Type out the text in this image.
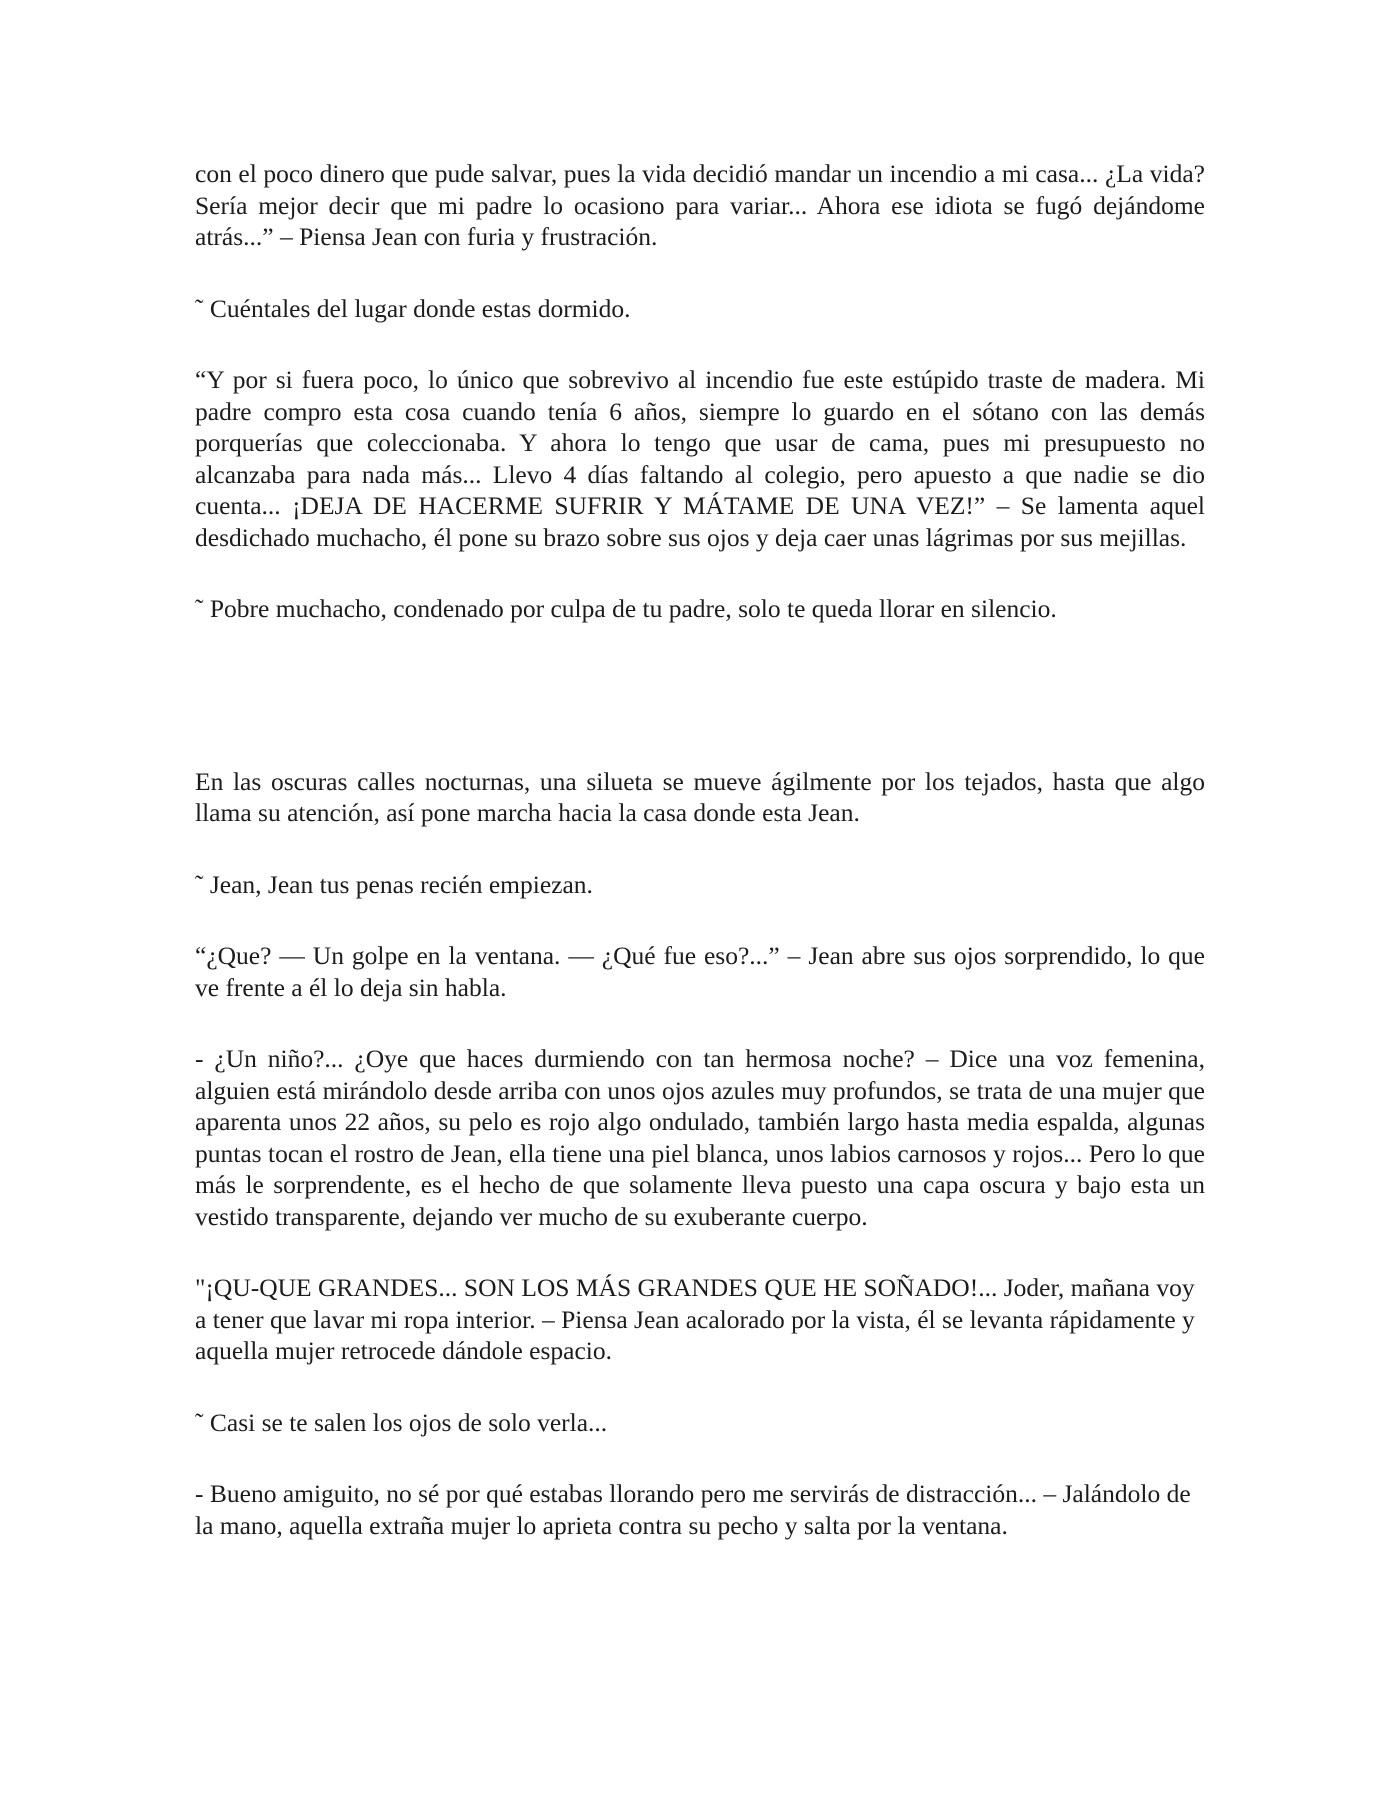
con el poco dinero que pude salvar, pues la vida decidió mandar un incendio a mi casa... ¿La vida? Sería mejor decir que mi padre lo ocasiono para variar... Ahora ese idiota se fugó dejándome atrás...” – Piensa Jean con furia y frustración.

˜ Cuéntales del lugar donde estas dormido.

“Y por si fuera poco, lo único que sobrevivo al incendio fue este estúpido traste de madera. Mi padre compro esta cosa cuando tenía 6 años, siempre lo guardo en el sótano con las demás porquerías que coleccionaba. Y ahora lo tengo que usar de cama, pues mi presupuesto no alcanzaba para nada más... Llevo 4 días faltando al colegio, pero apuesto a que nadie se dio cuenta... ¡DEJA DE HACERME SUFRIR Y MÁTAME DE UNA VEZ!” – Se lamenta aquel desdichado muchacho, él pone su brazo sobre sus ojos y deja caer unas lágrimas por sus mejillas.

˜ Pobre muchacho, condenado por culpa de tu padre, solo te queda llorar en silencio.

En las oscuras calles nocturnas, una silueta se mueve ágilmente por los tejados, hasta que algo llama su atención, así pone marcha hacia la casa donde esta Jean.

˜ Jean, Jean tus penas recién empiezan.

“¿Que? — Un golpe en la ventana. — ¿Qué fue eso?...” – Jean abre sus ojos sorprendido, lo que ve frente a él lo deja sin habla.

- ¿Un niño?... ¿Oye que haces durmiendo con tan hermosa noche? – Dice una voz femenina, alguien está mirándolo desde arriba con unos ojos azules muy profundos, se trata de una mujer que aparenta unos 22 años, su pelo es rojo algo ondulado, también largo hasta media espalda, algunas puntas tocan el rostro de Jean, ella tiene una piel blanca, unos labios carnosos y rojos... Pero lo que más le sorprendente, es el hecho de que solamente lleva puesto una capa oscura y bajo esta un vestido transparente, dejando ver mucho de su exuberante cuerpo.

"¡QU-QUE GRANDES... SON LOS MÁS GRANDES QUE HE SOÑADO!... Joder, mañana voy a tener que lavar mi ropa interior. – Piensa Jean acalorado por la vista, él se levanta rápidamente y aquella mujer retrocede dándole espacio.

˜ Casi se te salen los ojos de solo verla...

- Bueno amiguito, no sé por qué estabas llorando pero me servirás de distracción... – Jalándolo de la mano, aquella extraña mujer lo aprieta contra su pecho y salta por la ventana.
